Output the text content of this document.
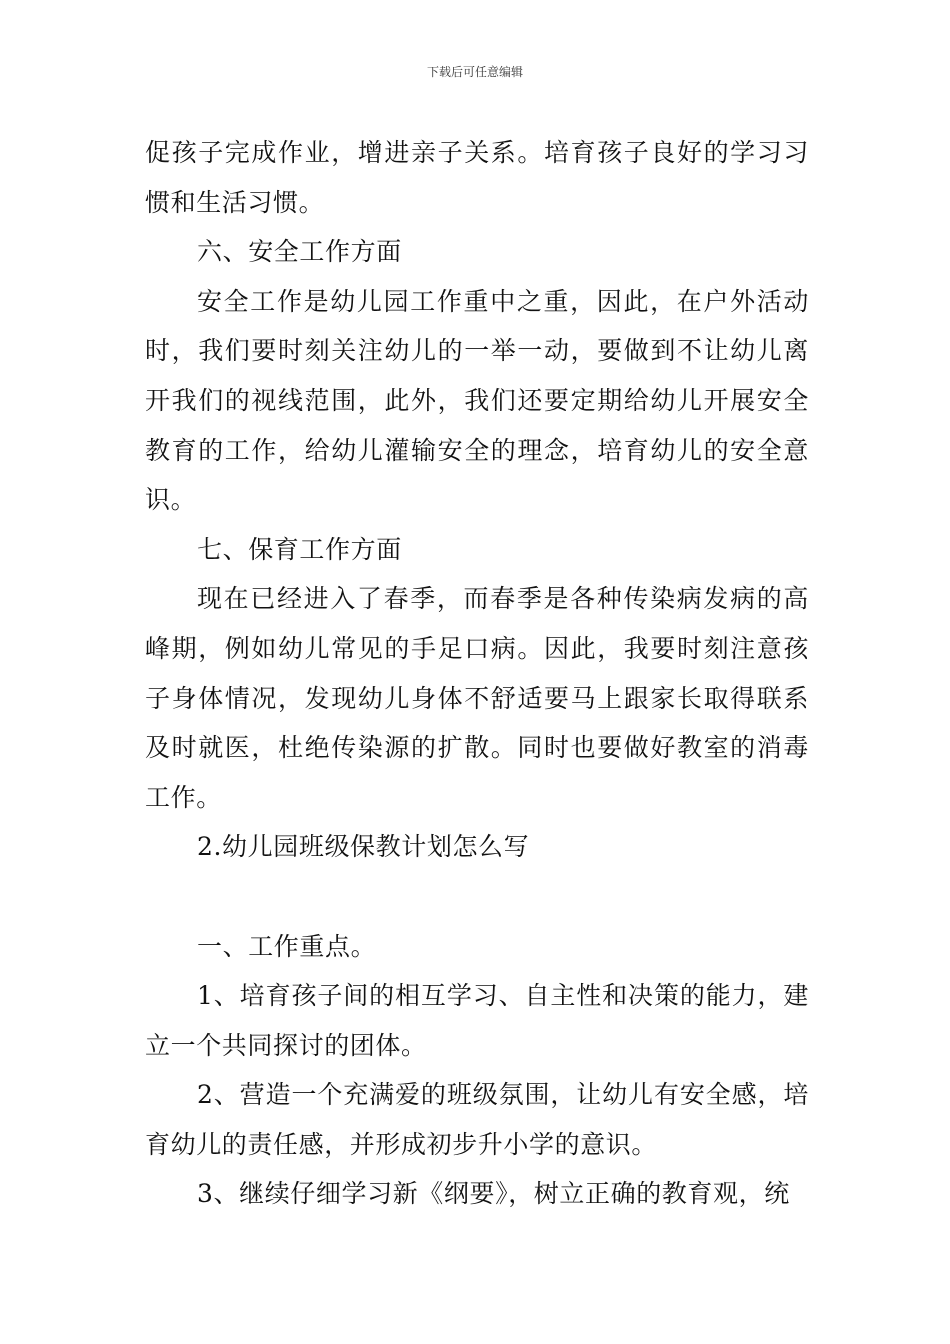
下载后可任意编辑

促孩子完成作业，增进亲子关系。培育孩子良好的学习习惯和生活习惯。

六、安全工作方面

安全工作是幼儿园工作重中之重，因此，在户外活动时，我们要时刻关注幼儿的一举一动，要做到不让幼儿离开我们的视线范围，此外，我们还要定期给幼儿开展安全教育的工作，给幼儿灌输安全的理念，培育幼儿的安全意识。

七、保育工作方面

现在已经进入了春季，而春季是各种传染病发病的高峰期，例如幼儿常见的手足口病。因此，我要时刻注意孩子身体情况，发现幼儿身体不舒适要马上跟家长取得联系及时就医，杜绝传染源的扩散。同时也要做好教室的消毒工作。

2.幼儿园班级保教计划怎么写

一、工作重点。

1、培育孩子间的相互学习、自主性和决策的能力，建立一个共同探讨的团体。

2、营造一个充满爱的班级氛围，让幼儿有安全感，培育幼儿的责任感，并形成初步升小学的意识。

3、继续仔细学习新《纲要》，树立正确的教育观，统
